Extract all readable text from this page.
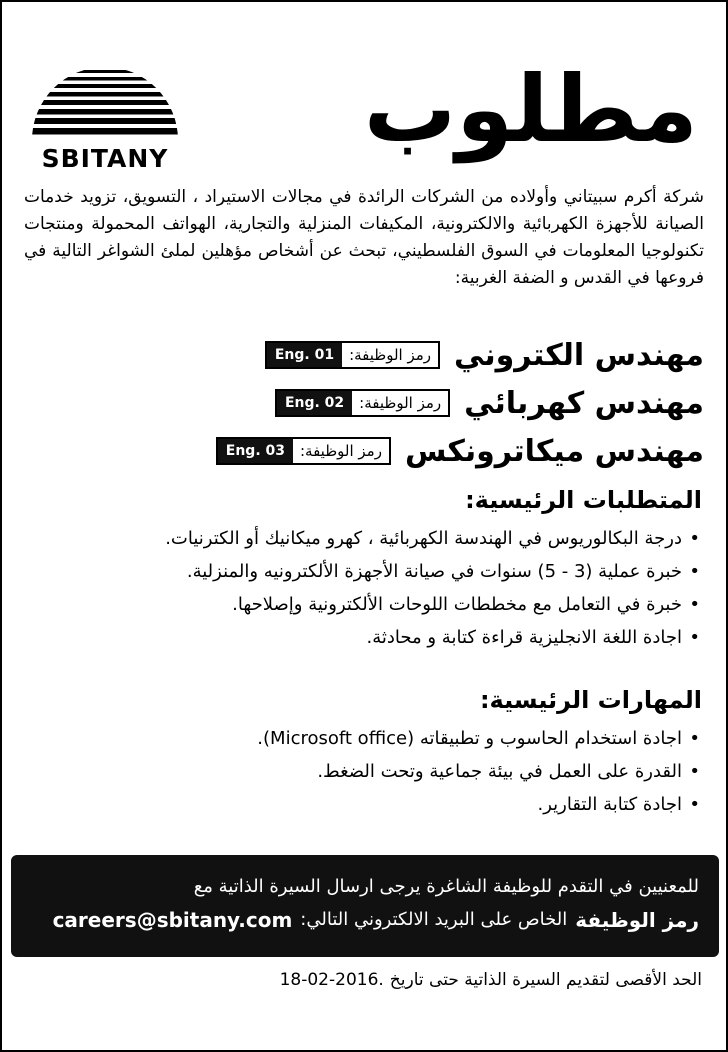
SBITANY مطلوب
شركة أكرم سبيتاني وأولاده من الشركات الرائدة في مجالات الاستيراد ، التسويق، تزويد خدمات الصيانة للأجهزة الكهربائية والالكترونية، المكيفات المنزلية والتجارية، الهواتف المحمولة ومنتجات تكنولوجيا المعلومات في السوق الفلسطيني، تبحث عن أشخاص مؤهلين لملئ الشواغر التالية في فروعها في القدس و الضفة الغربية:
مهندس الكتروني
رمز الوظيفة:
Eng. 01
مهندس كهربائي
رمز الوظيفة:
Eng. 02
مهندس ميكاترونكس
رمز الوظيفة:
Eng. 03
المتطلبات الرئيسية:
• درجة البكالوريوس في الهندسة الكهربائية ، كهرو ميكانيك أو الكترنيات.
• خبرة عملية (3 - 5) سنوات في صيانة الأجهزة الألكترونيه والمنزلية.
• خبرة في التعامل مع مخططات اللوحات الألكترونية وإصلاحها.
• اجادة اللغة الانجليزية قراءة كتابة و محادثة.
المهارات الرئيسية:
• اجادة استخدام الحاسوب و تطبيقاته (Microsoft office).
• القدرة على العمل في بيئة جماعية وتحت الضغط.
• اجادة كتابة التقارير.
للمعنيين في التقدم للوظيفة الشاغرة يرجى ارسال السيرة الذاتية مع
رمز الوظيفة
الخاص على البريد الالكتروني التالي:
careers@sbitany.com
الحد الأقصى لتقديم السيرة الذاتية حتى تاريخ
18-02-2016.
